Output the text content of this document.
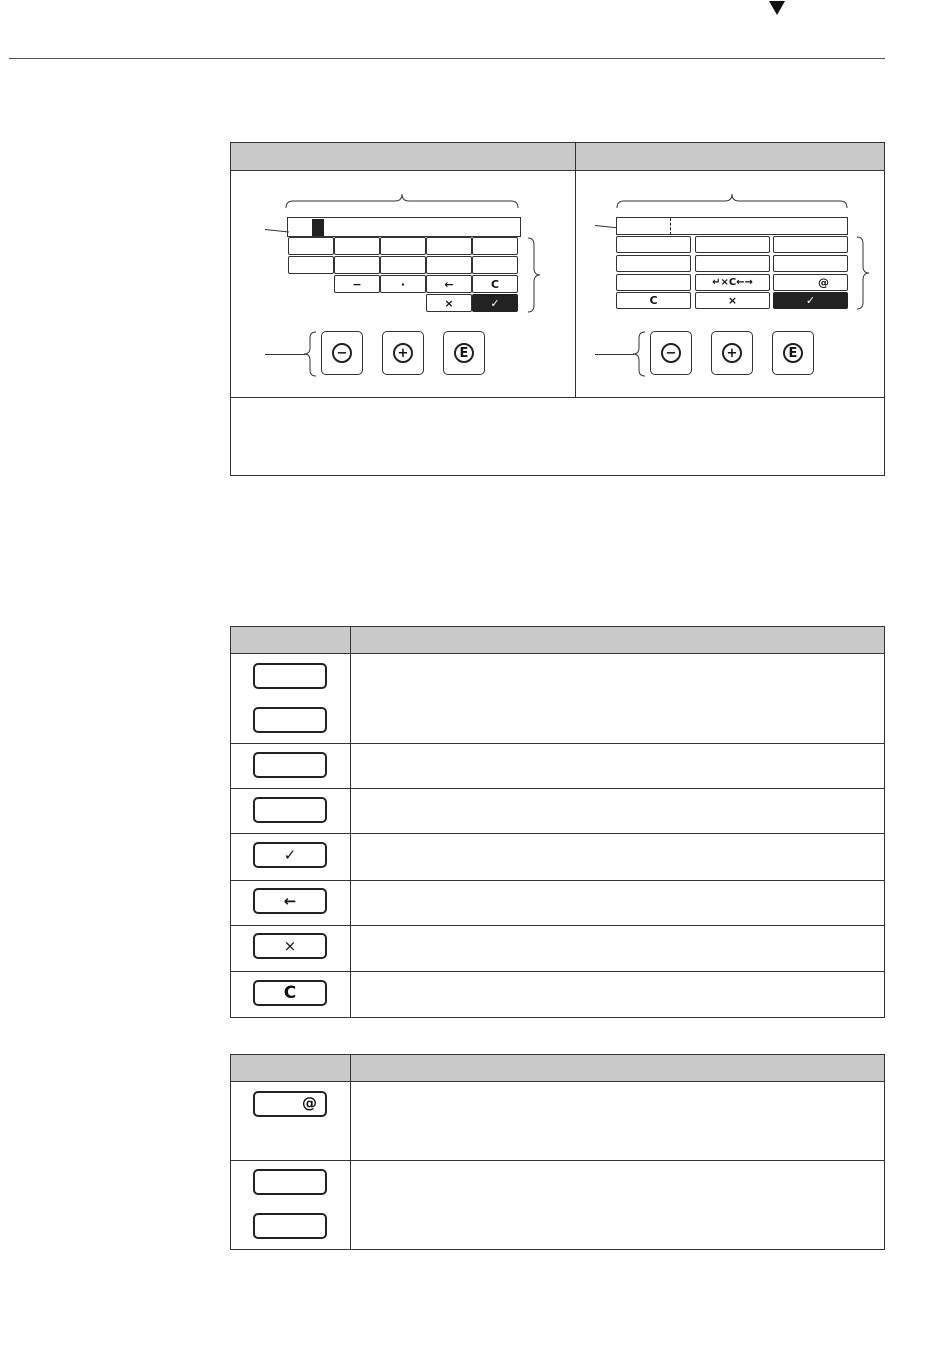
−	·	←	C
×	✓
−	+	E
↵×C←→	@
C	×	✓
−	+	E
✓
←
×
C
@
